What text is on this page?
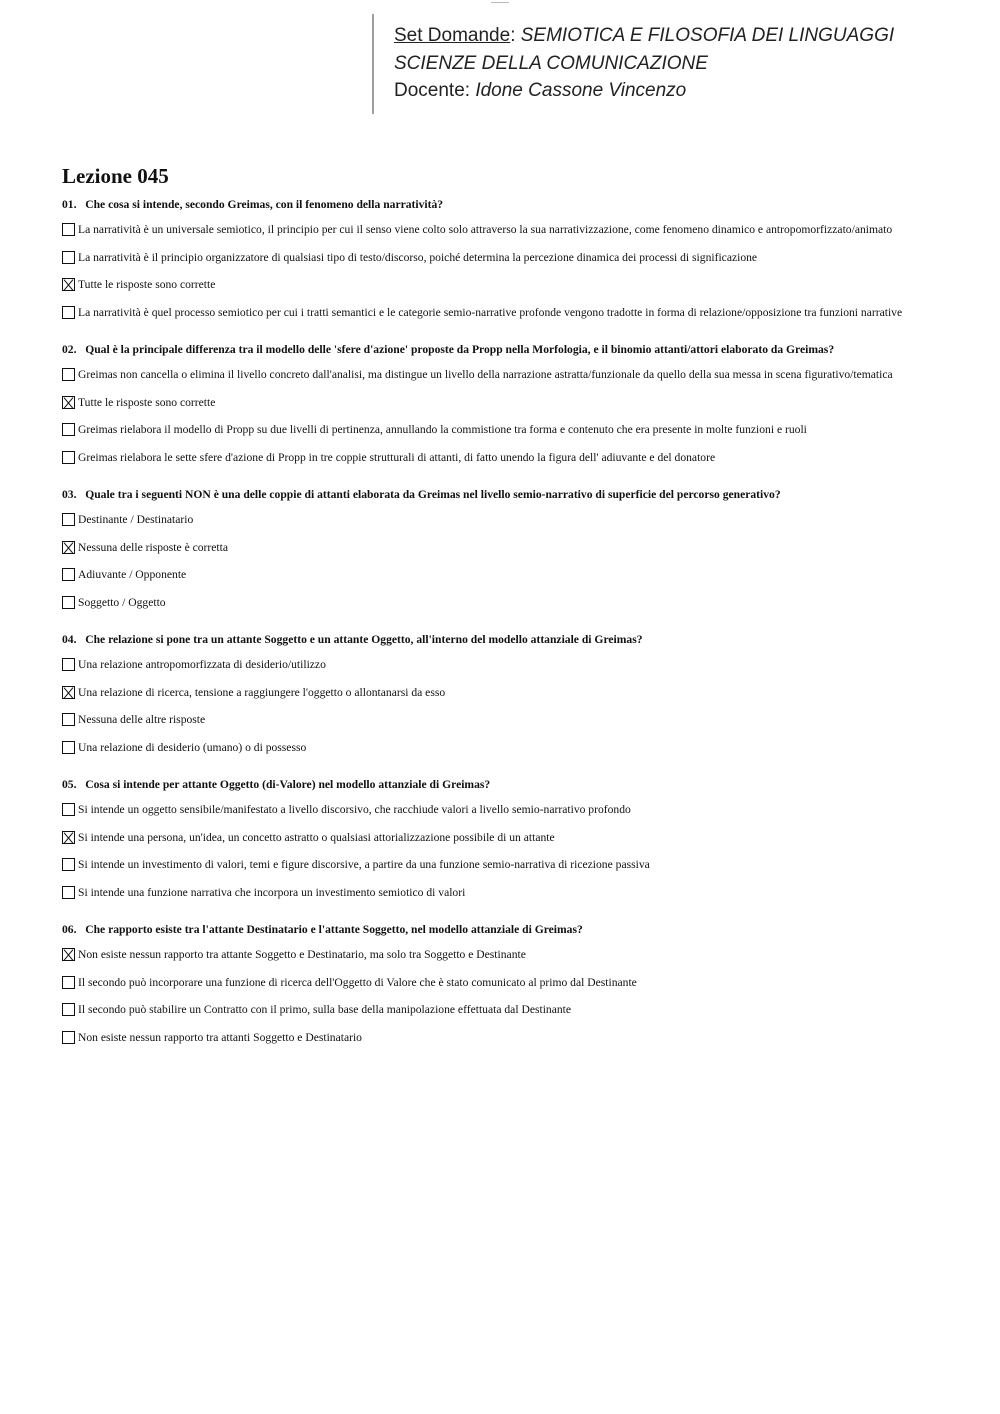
Set Domande: SEMIOTICA E FILOSOFIA DEI LINGUAGGI
SCIENZE DELLA COMUNICAZIONE
Docente: Idone Cassone Vincenzo
Lezione 045
01. Che cosa si intende, secondo Greimas, con il fenomeno della narratività?
La narratività è un universale semiotico, il principio per cui il senso viene colto solo attraverso la sua narrativizzazione, come fenomeno dinamico e antropomorfizzato/animato
La narratività è il principio organizzatore di qualsiasi tipo di testo/discorso, poiché determina la percezione dinamica dei processi di significazione
Tutte le risposte sono corrette
La narratività è quel processo semiotico per cui i tratti semantici e le categorie semio-narrative profonde vengono tradotte in forma di relazione/opposizione tra funzioni narrative
02. Qual è la principale differenza tra il modello delle 'sfere d'azione' proposte da Propp nella Morfologia, e il binomio attanti/attori elaborato da Greimas?
Greimas non cancella o elimina il livello concreto dall'analisi, ma distingue un livello della narrazione astratta/funzionale da quello della sua messa in scena figurativo/tematica
Tutte le risposte sono corrette
Greimas rielabora il modello di Propp su due livelli di pertinenza, annullando la commistione tra forma e contenuto che era presente in molte funzioni e ruoli
Greimas rielabora le sette sfere d'azione di Propp in tre coppie strutturali di attanti, di fatto unendo la figura dell' adiuvante e del donatore
03. Quale tra i seguenti NON è una delle coppie di attanti elaborata da Greimas nel livello semio-narrativo di superficie del percorso generativo?
Destinante / Destinatario
Nessuna delle risposte è corretta
Adiuvante / Opponente
Soggetto / Oggetto
04. Che relazione si pone tra un attante Soggetto e un attante Oggetto, all'interno del modello attanziale di Greimas?
Una relazione antropomorfizzata di desiderio/utilizzo
Una relazione di ricerca, tensione a raggiungere l'oggetto o allontanarsi da esso
Nessuna delle altre risposte
Una relazione di desiderio (umano) o di possesso
05. Cosa si intende per attante Oggetto (di-Valore) nel modello attanziale di Greimas?
Si intende un oggetto sensibile/manifestato a livello discorsivo, che racchiude valori a livello semio-narrativo profondo
Si intende una persona, un'idea, un concetto astratto o qualsiasi attorializzazione possibile di un attante
Si intende un investimento di valori, temi e figure discorsive, a partire da una funzione semio-narrativa di ricezione passiva
Si intende una funzione narrativa che incorpora un investimento semiotico di valori
06. Che rapporto esiste tra l'attante Destinatario e l'attante Soggetto, nel modello attanziale di Greimas?
Non esiste nessun rapporto tra attante Soggetto e Destinatario, ma solo tra Soggetto e Destinante
Il secondo può incorporare una funzione di ricerca dell'Oggetto di Valore che è stato comunicato al primo dal Destinante
Il secondo può stabilire un Contratto con il primo, sulla base della manipolazione effettuata dal Destinante
Non esiste nessun rapporto tra attanti Soggetto e Destinatario
